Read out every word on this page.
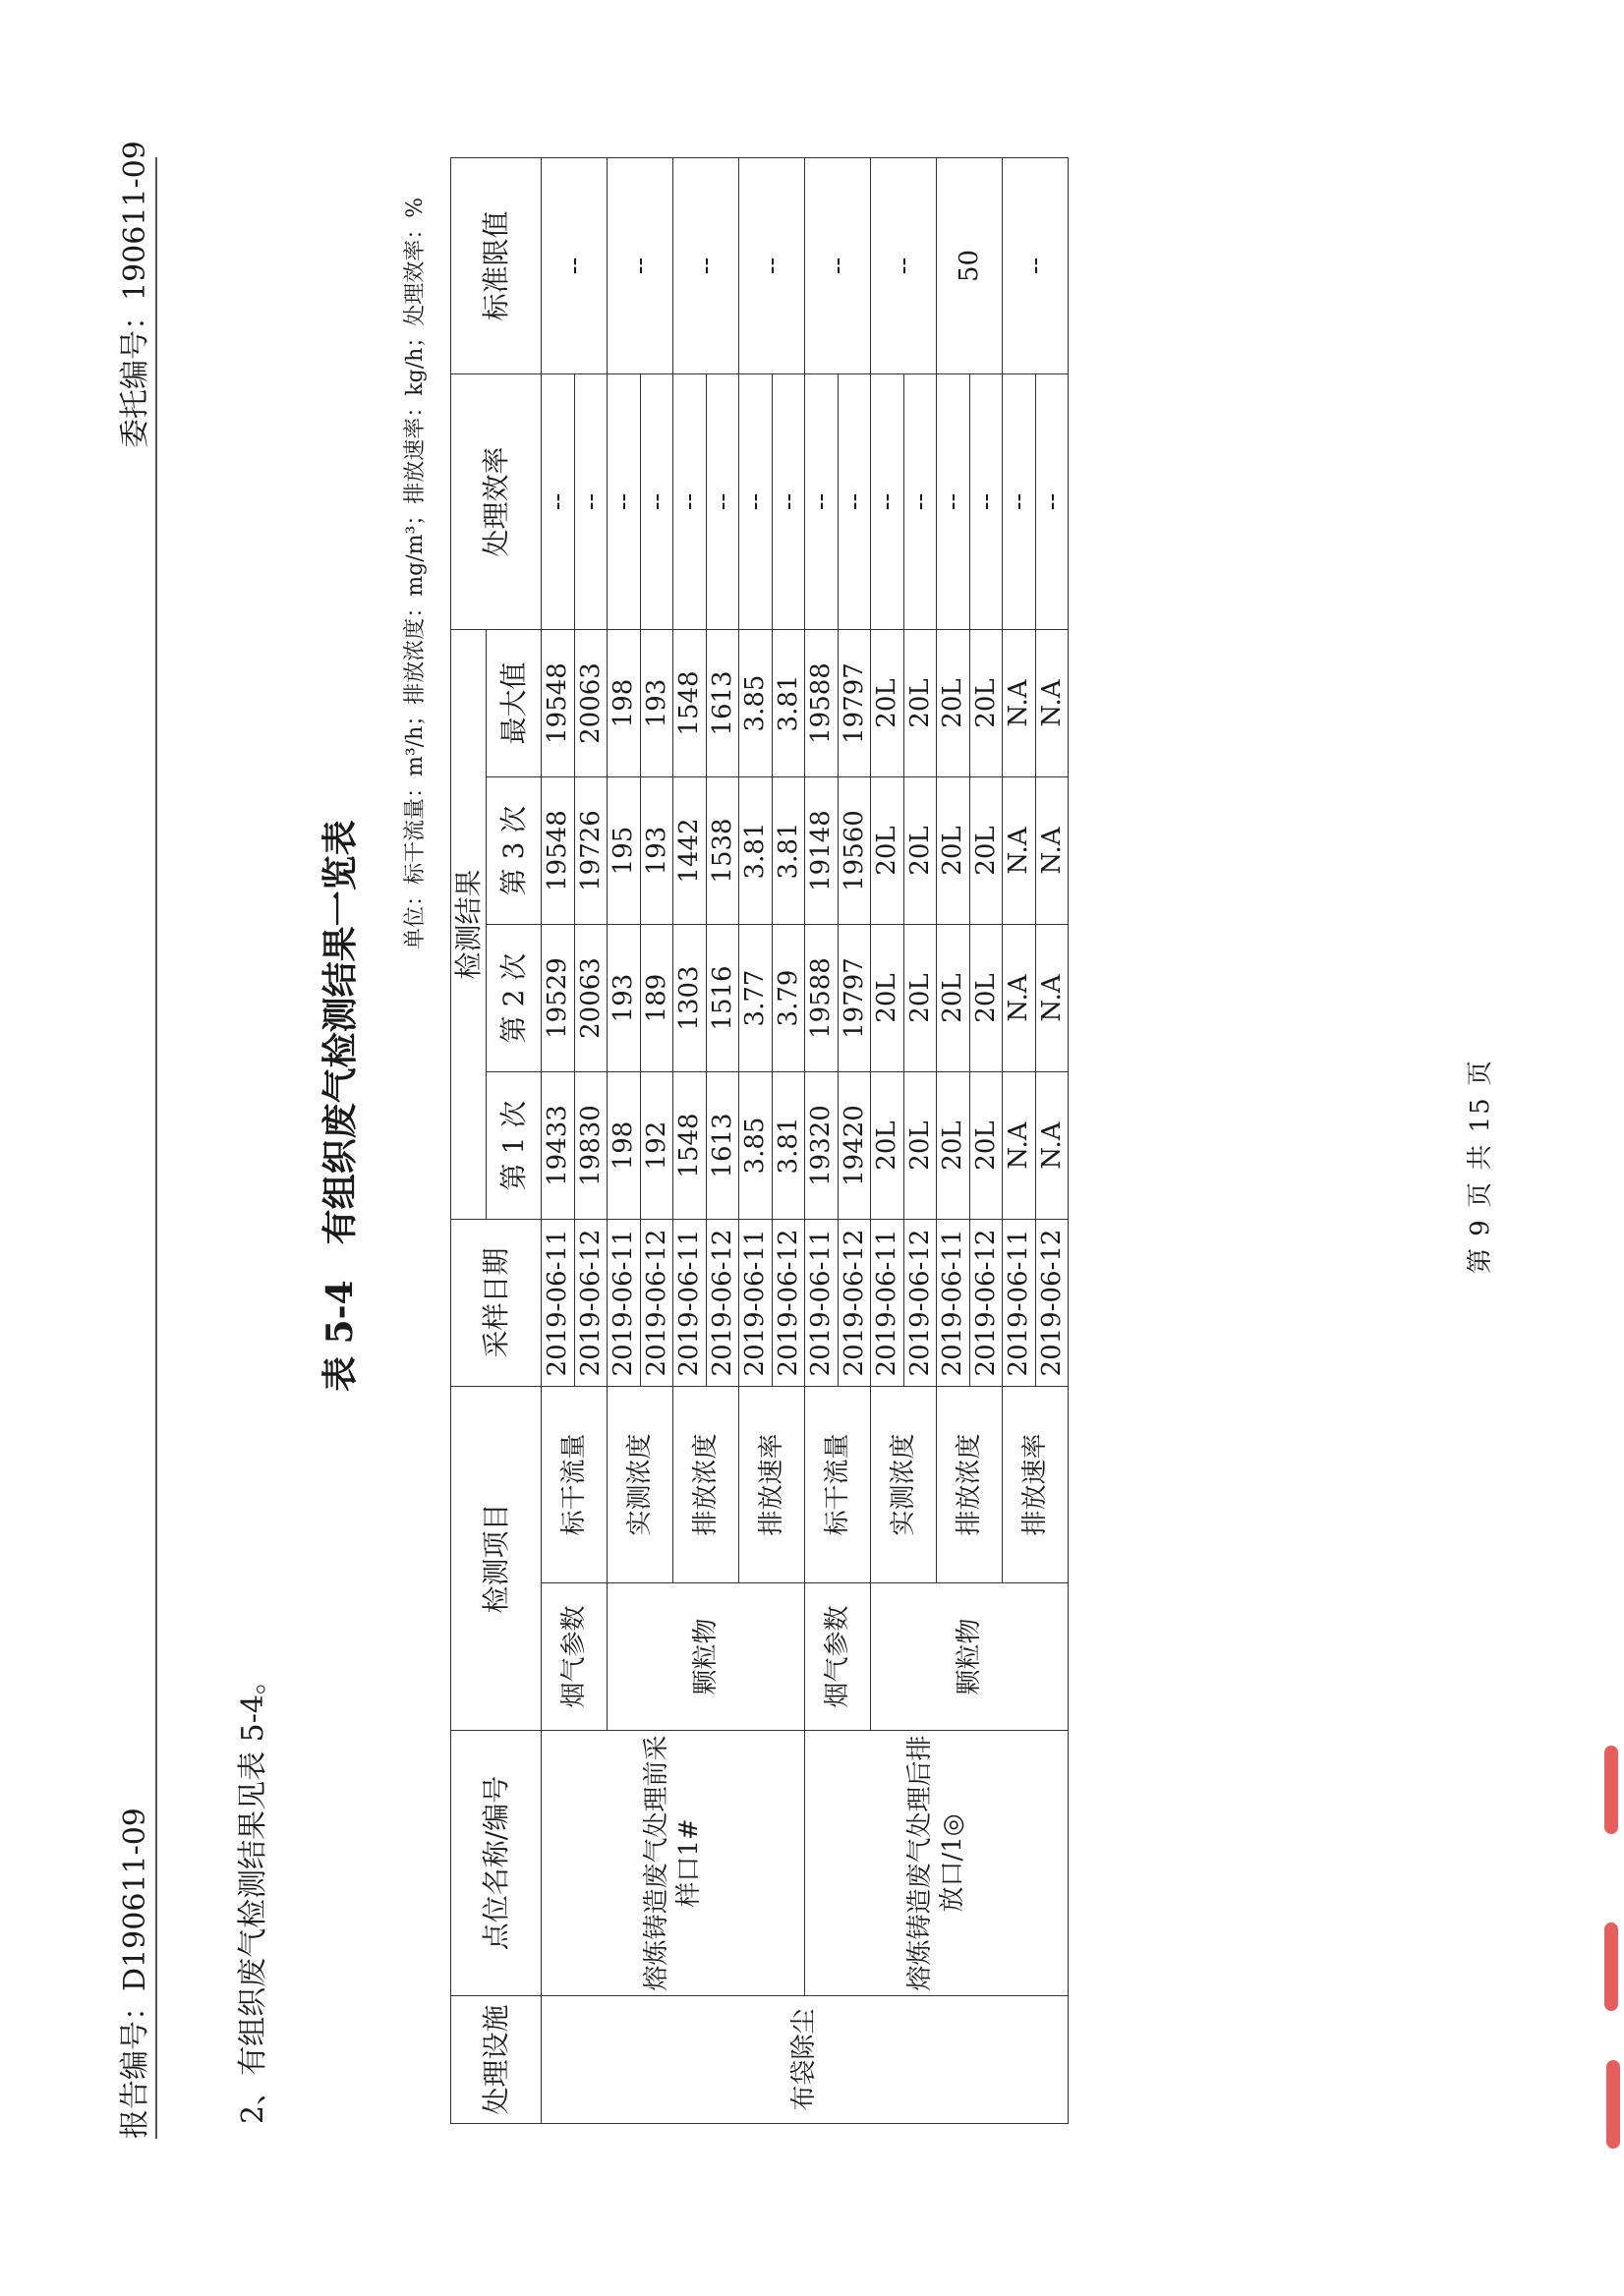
报告编号：D190611-09
委托编号：190611-09
2、有组织废气检测结果见表 5-4。
表 5-4　有组织废气检测结果一览表
单位：标干流量：m³/h；排放浓度：mg/m³；排放速率：kg/h；处理效率：%
处理设施	点位名称/编号	检测项目		采样日期	检测结果				处理效率	标准限值
					第 1 次	第 2 次	第 3 次	最大值		
布袋除尘	熔炼铸造废气处理前采样口1#	烟气参数	标干流量	2019-06-11	19433	19529	19548	19548	--	--
				2019-06-12	19830	20063	19726	20063	--	
		颗粒物	实测浓度	2019-06-11	198	193	195	198	--	--
				2019-06-12	192	189	193	193	--	
			排放浓度	2019-06-11	1548	1303	1442	1548	--	--
				2019-06-12	1613	1516	1538	1613	--	
			排放速率	2019-06-11	3.85	3.77	3.81	3.85	--	--
				2019-06-12	3.81	3.79	3.81	3.81	--	
	熔炼铸造废气处理后排放口/1◎	烟气参数	标干流量	2019-06-11	19320	19588	19148	19588	--	--
				2019-06-12	19420	19797	19560	19797	--	
		颗粒物	实测浓度	2019-06-11	20L	20L	20L	20L	--	--
				2019-06-12	20L	20L	20L	20L	--	
			排放浓度	2019-06-11	20L	20L	20L	20L	--	50
				2019-06-12	20L	20L	20L	20L	--	
			排放速率	2019-06-11	N.A	N.A	N.A	N.A	--	--
				2019-06-12	N.A	N.A	N.A	N.A	--	
第 9 页 共 15 页
